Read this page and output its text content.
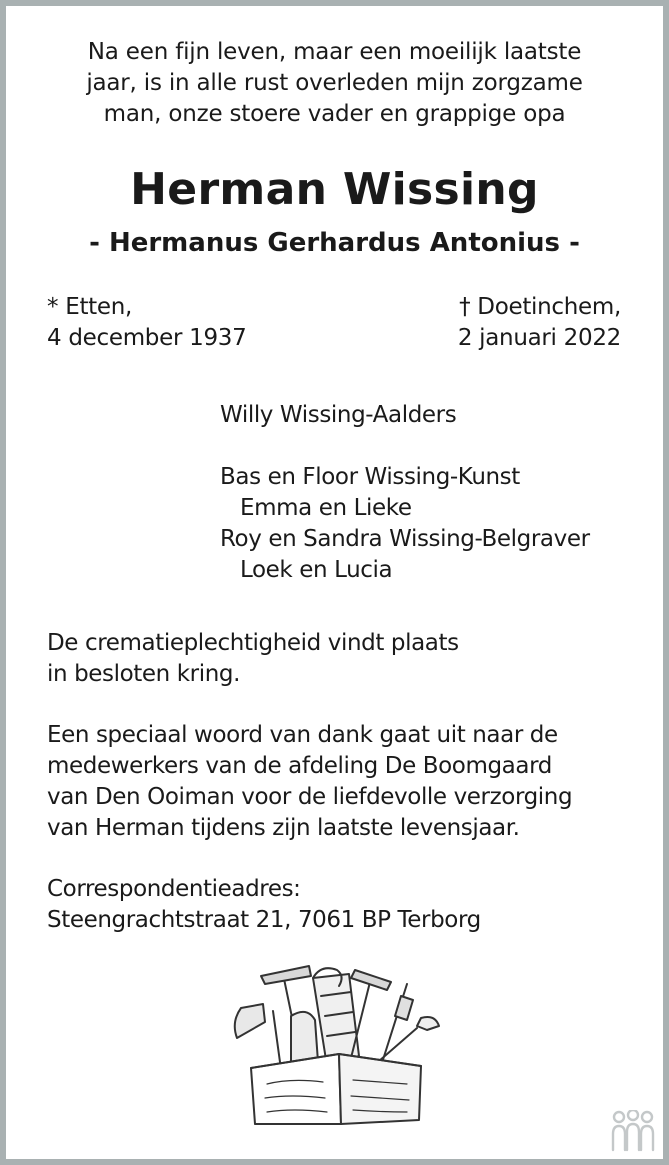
Na een fijn leven, maar een moeilijk laatste
jaar, is in alle rust overleden mijn zorgzame
man, onze stoere vader en grappige opa
Herman Wissing
- Hermanus Gerhardus Antonius -
* Etten,
4 december 1937
† Doetinchem,
2 januari 2022
Willy Wissing-Aalders
Bas en Floor Wissing-Kunst
Emma en Lieke
Roy en Sandra Wissing-Belgraver
Loek en Lucia
De crematieplechtigheid vindt plaats
in besloten kring.
Een speciaal woord van dank gaat uit naar de
medewerkers van de afdeling De Boomgaard
van Den Ooiman voor de liefdevolle verzorging
van Herman tijdens zijn laatste levensjaar.
Correspondentieadres:
Steengrachtstraat 21, 7061 BP Terborg
